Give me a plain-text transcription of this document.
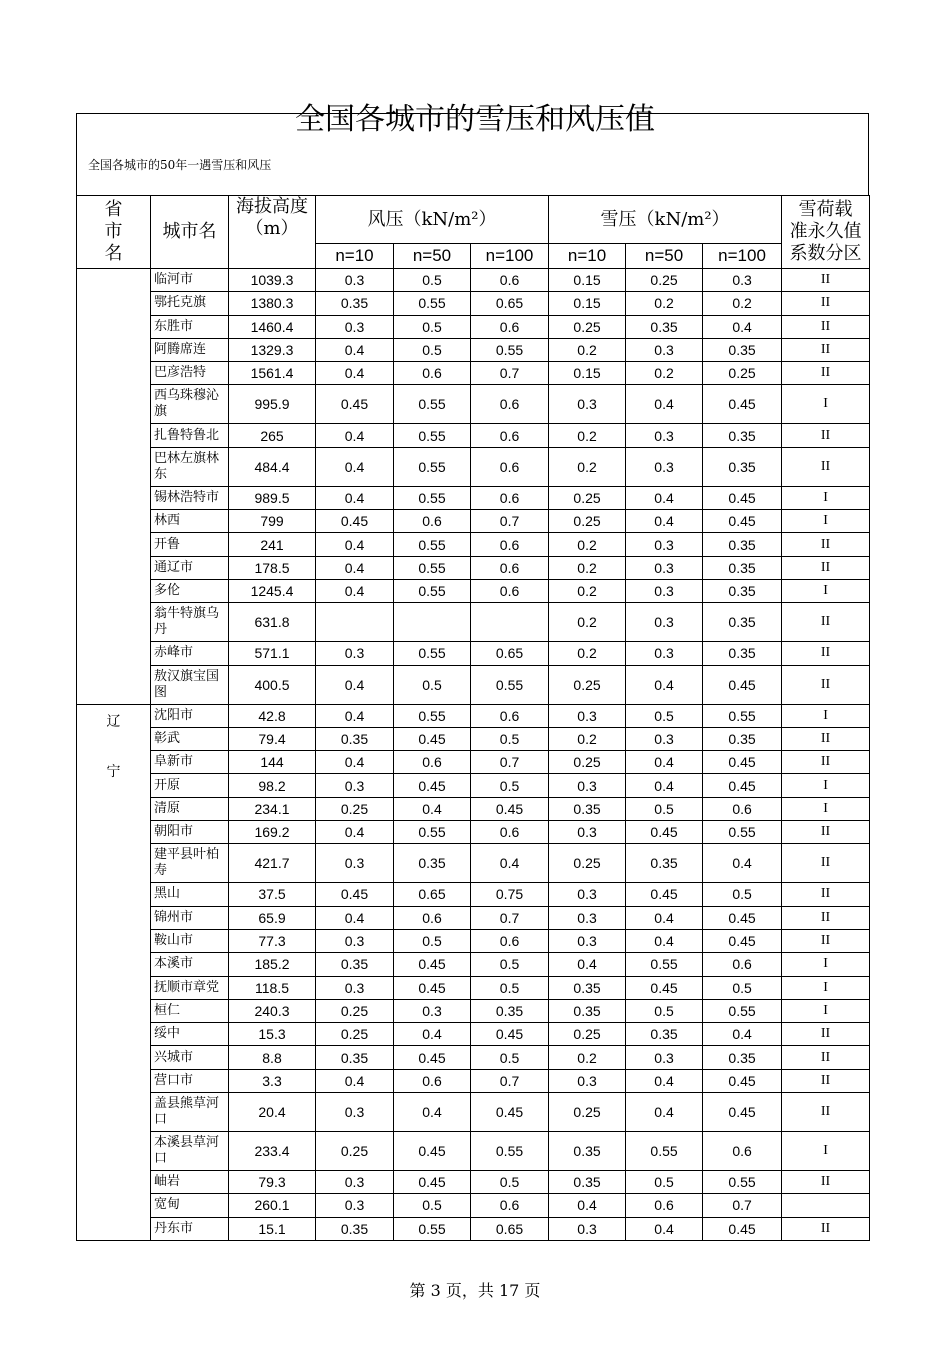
全国各城市的雪压和风压值
全国各城市的50年一遇雪压和风压
省
市
名	城市名	海拔高度
（m）	风压（kN/m²）			雪压（kN/m²）			雪荷载
准永久值
系数分区
			n=10	n=50	n=100	n=10	n=50	n=100	
	临河市	1039.3	0.3	0.5	0.6	0.15	0.25	0.3	II
	鄂托克旗	1380.3	0.35	0.55	0.65	0.15	0.2	0.2	II
	东胜市	1460.4	0.3	0.5	0.6	0.25	0.35	0.4	II
	阿腾席连	1329.3	0.4	0.5	0.55	0.2	0.3	0.35	II
	巴彦浩特	1561.4	0.4	0.6	0.7	0.15	0.2	0.25	II
	西乌珠穆沁旗	995.9	0.45	0.55	0.6	0.3	0.4	0.45	I
	扎鲁特鲁北	265	0.4	0.55	0.6	0.2	0.3	0.35	II
	巴林左旗林东	484.4	0.4	0.55	0.6	0.2	0.3	0.35	II
	锡林浩特市	989.5	0.4	0.55	0.6	0.25	0.4	0.45	I
	林西	799	0.45	0.6	0.7	0.25	0.4	0.45	I
	开鲁	241	0.4	0.55	0.6	0.2	0.3	0.35	II
	通辽市	178.5	0.4	0.55	0.6	0.2	0.3	0.35	II
	多伦	1245.4	0.4	0.55	0.6	0.2	0.3	0.35	I
	翁牛特旗乌丹	631.8				0.2	0.3	0.35	II
	赤峰市	571.1	0.3	0.55	0.65	0.2	0.3	0.35	II
	敖汉旗宝国图	400.5	0.4	0.5	0.55	0.25	0.4	0.45	II

辽
宁	沈阳市	42.8	0.4	0.55	0.6	0.3	0.5	0.55	I
	彰武	79.4	0.35	0.45	0.5	0.2	0.3	0.35	II
	阜新市	144	0.4	0.6	0.7	0.25	0.4	0.45	II
	开原	98.2	0.3	0.45	0.5	0.3	0.4	0.45	I
	清原	234.1	0.25	0.4	0.45	0.35	0.5	0.6	I
	朝阳市	169.2	0.4	0.55	0.6	0.3	0.45	0.55	II
	建平县叶柏寿	421.7	0.3	0.35	0.4	0.25	0.35	0.4	II
	黑山	37.5	0.45	0.65	0.75	0.3	0.45	0.5	II
	锦州市	65.9	0.4	0.6	0.7	0.3	0.4	0.45	II
	鞍山市	77.3	0.3	0.5	0.6	0.3	0.4	0.45	II
	本溪市	185.2	0.35	0.45	0.5	0.4	0.55	0.6	I
	抚顺市章党	118.5	0.3	0.45	0.5	0.35	0.45	0.5	I
	桓仁	240.3	0.25	0.3	0.35	0.35	0.5	0.55	I
	绥中	15.3	0.25	0.4	0.45	0.25	0.35	0.4	II
	兴城市	8.8	0.35	0.45	0.5	0.2	0.3	0.35	II
	营口市	3.3	0.4	0.6	0.7	0.3	0.4	0.45	II
	盖县熊草河口	20.4	0.3	0.4	0.45	0.25	0.4	0.45	II
	本溪县草河口	233.4	0.25	0.45	0.55	0.35	0.55	0.6	I
	岫岩	79.3	0.3	0.45	0.5	0.35	0.5	0.55	II
	宽甸	260.1	0.3	0.5	0.6	0.4	0.6	0.7	
	丹东市	15.1	0.35	0.55	0.65	0.3	0.4	0.45	II
第 3 页，共 17 页
